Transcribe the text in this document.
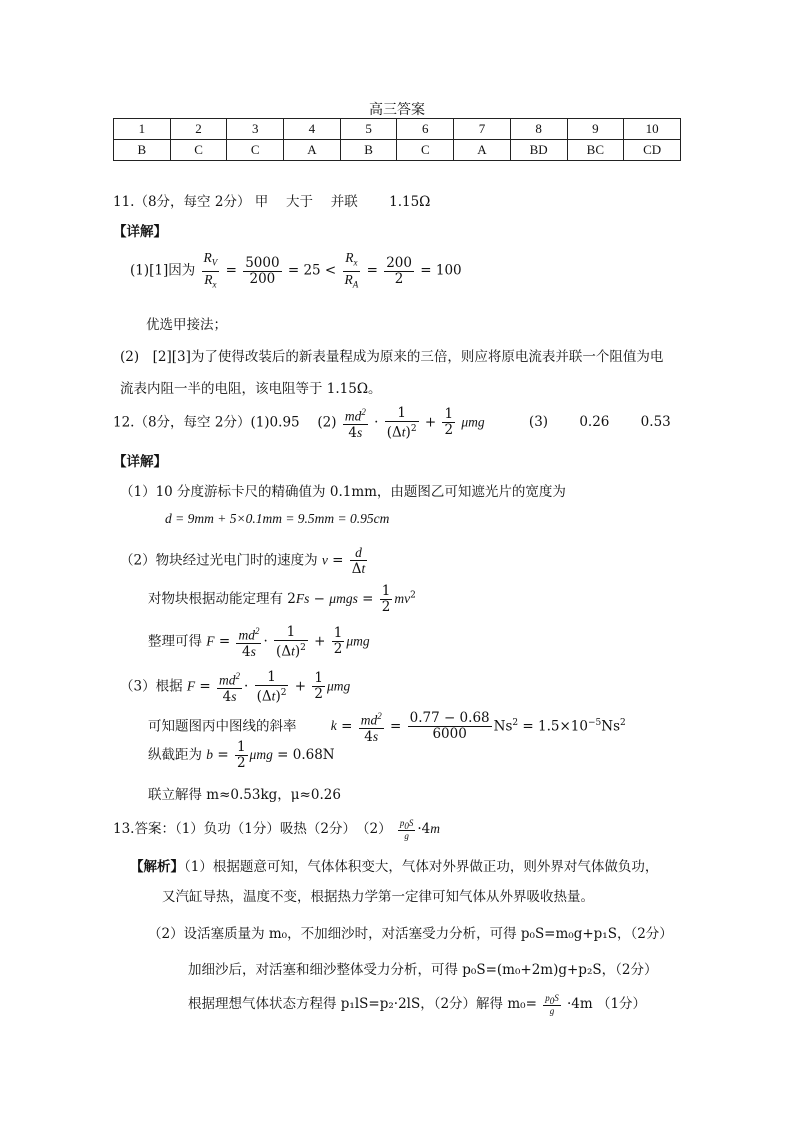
高三答案
1	2	3	4	5	6	7	8	9	10
B	C	C	A	B	C	A	BD	BC	CD
11.（8分，每空 2分） 甲　 大于　 并联　　 1.15Ω
【详解】
(1)[1]因为 $\frac{R_V}{R_x} = \frac{5000}{200} = 25 < \frac{R_x}{R_A} = \frac{200}{2} = 100$
优选甲接法；
(2)　[2][3]为了使得改装后的新表量程成为原来的三倍，则应将原电流表并联一个阻值为电
流表内阻一半的电阻，该电阻等于 1.15Ω。
12.（8分，每空 2分）(1)0.95　 $(2) \frac{md^2}{4s} \cdot \frac{1}{(\Delta t)^2} + \frac{1}{2}$ μmg	(3)　　 0.26　　 0.53
【详解】
（1）10 分度游标卡尺的精确值为 0.1mm，由题图乙可知遮光片的宽度为
d = 9mm + 5×0.1mm = 9.5mm = 0.95cm
（2）物块经过光电门时的速度为 $v = \frac{d}{\Delta t}$
对物块根据动能定理有 $2Fs - \mu mgs = \frac{1}{2} mv^2$
整理可得 $F = \frac{md^2}{4s} \cdot \frac{1}{(\Delta t)^2} + \frac{1}{2}$ μmg
（3）根据 $F = \frac{md^2}{4s} \cdot \frac{1}{(\Delta t)^2} + \frac{1}{2}$ μmg
可知题图丙中图线的斜率	$k = \frac{md^2}{4s} = \frac{0.77 - 0.68}{6000} Ns^2 = 1.5\times 10^{-5}Ns^2$
纵截距为 $b = \frac{1}{2}$ μmg = 0.68N
联立解得 m≈0.53kg，μ≈0.26
13.答案：（1）负功（1分）吸热（2分）　$(2) \frac{p_0S}{g} \cdot 4m$
【解析】（1）根据题意可知，气体体积变大，气体对外界做正功，则外界对气体做负功，
又汽缸导热，温度不变，根据热力学第一定律可知气体从外界吸收热量。
（2）设活塞质量为 m₀，不加细沙时，对活塞受力分析，可得 p₀S=m₀g+p₁S，（2分）
加细沙后，对活塞和细沙整体受力分析，可得 p₀S=(m₀+2m)g+p₂S，（2分）
根据理想气体状态方程得 p₁lS=p₂·2lS，（2分）解得 $m_0= \frac{p_0S}{g} \cdot 4m$ （1分）
